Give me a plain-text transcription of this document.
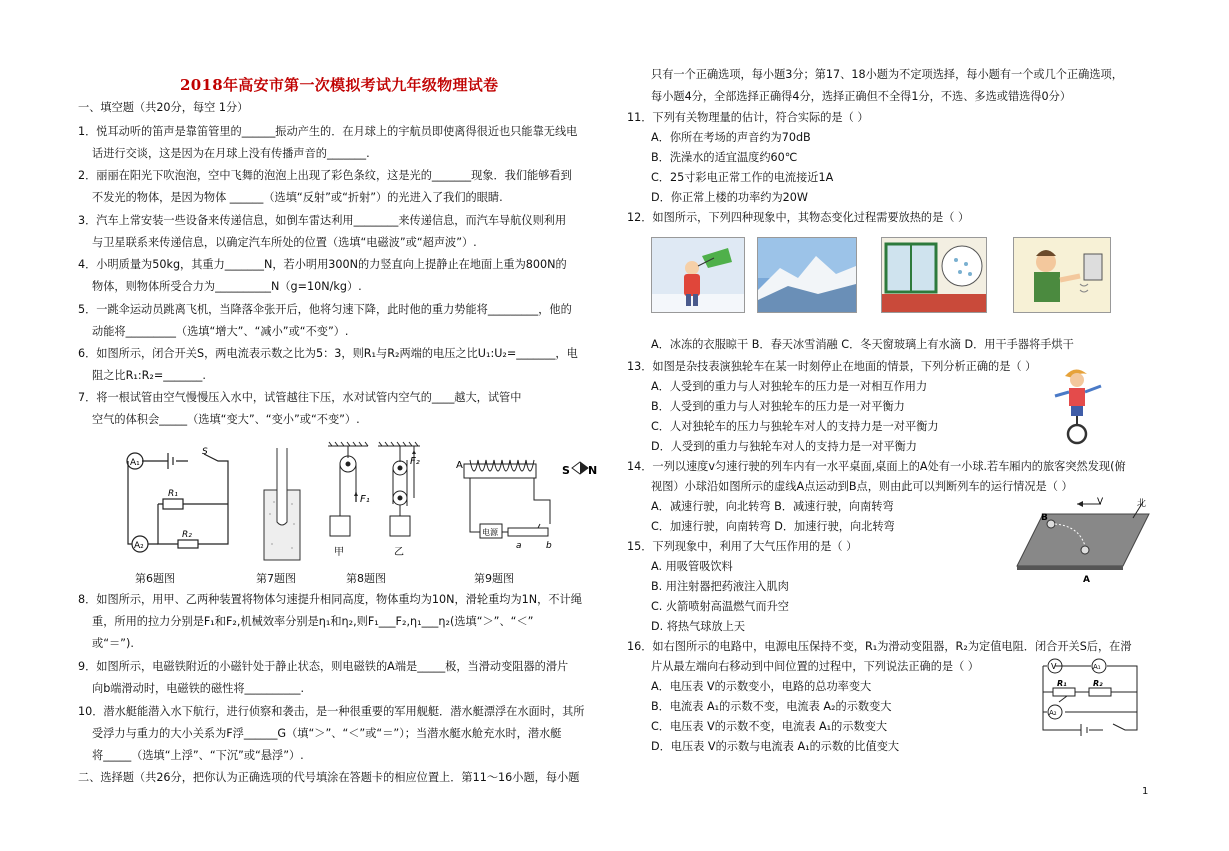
2018年高安市第一次模拟考试九年级物理试卷
一、填空题（共20分，每空 1分）
1．悦耳动听的笛声是靠笛管里的______振动产生的．在月球上的宇航员即使离得很近也只能靠无线电
话进行交谈，这是因为在月球上没有传播声音的_______.
2．丽丽在阳光下吹泡泡，空中飞舞的泡泡上出现了彩色条纹，这是光的_______现象．我们能够看到
不发光的物体，是因为物体 ______（选填“反射”或“折射”）的光进入了我们的眼睛.
3．汽车上常安装一些设备来传递信息，如倒车雷达利用________来传递信息，而汽车导航仪则利用
与卫星联系来传递信息，以确定汽车所处的位置（选填“电磁波”或“超声波”）.
4．小明质量为50kg，其重力_______N，若小明用300N的力竖直向上提静止在地面上重为800N的
物体，则物体所受合力为__________N（g=10N/kg）.
5．一跳伞运动员跳离飞机，当降落伞张开后，他将匀速下降，此时他的重力势能将_________，他的
动能将_________（选填“增大”、“减小”或“不变”）.
6．如图所示，闭合开关S，两电流表示数之比为5：3，则R₁与R₂两端的电压之比U₁:U₂=_______，电
阻之比R₁:R₂=_______.
7．将一根试管由空气慢慢压入水中，试管越往下压，水对试管内空气的____越大，试管中
空气的体积会_____（选填“变大”、“变小”或“不变”）.
A₁
A₂
S
R₁
R₂
第6题图	第7题图
F₁
F₂
甲	乙
第8题图
A	S N
电源
a	b
第9题图
8．如图所示，用甲、乙两种装置将物体匀速提升相同高度，物体重均为10N，滑轮重均为1N，不计绳
重，所用的拉力分别是F₁和F₂,机械效率分别是η₁和η₂,则F₁___F₂,η₁___η₂(选填“＞”、“＜”
或“＝”).
9．如图所示，电磁铁附近的小磁针处于静止状态，则电磁铁的A端是_____极，当滑动变阻器的滑片
向b端滑动时，电磁铁的磁性将__________.
10．潜水艇能潜入水下航行，进行侦察和袭击，是一种很重要的军用舰艇．潜水艇漂浮在水面时，其所
受浮力与重力的大小关系为F浮______G（填“＞”、“＜”或“＝”）；当潜水艇水舱充水时，潜水艇
将_____（选填“上浮”、“下沉”或“悬浮”）.
二、选择题（共26分，把你认为正确选项的代号填涂在答题卡的相应位置上．第11～16小题，每小题
只有一个正确选项，每小题3分；第17、18小题为不定项选择，每小题有一个或几个正确选项，
每小题4分，全部选择正确得4分，选择正确但不全得1分，不选、多选或错选得0分）
11．下列有关物理量的估计，符合实际的是（ ）
A．你所在考场的声音约为70dB
B．洗澡水的适宜温度约60℃
C．25寸彩电正常工作的电流接近1A
D．你正常上楼的功率约为20W
12．如图所示，下列四种现象中，其物态变化过程需要放热的是（ ）
A．冰冻的衣服晾干 B．春天冰雪消融 C．冬天窗玻璃上有水滴 D．用干手器将手烘干
13．如图是杂技表演独轮车在某一时刻停止在地面的情景，下列分析正确的是（ ）
A．人受到的重力与人对独轮车的压力是一对相互作用力
B．人受到的重力与人对独轮车的压力是一对平衡力
C．人对独轮车的压力与独轮车对人的支持力是一对平衡力
D．人受到的重力与独轮车对人的支持力是一对平衡力
14．一列以速度v匀速行驶的列车内有一水平桌面,桌面上的A处有一小球.若车厢内的旅客突然发现(俯
视图）小球沿如图所示的虚线A点运动到B点，则由此可以判断列车的运行情况是（ ）
A．减速行驶，向北转弯 B．减速行驶，向南转弯
C．加速行驶，向南转弯 D．加速行驶，向北转弯
V	北
B
A
15．下列现象中，利用了大气压作用的是（ ）
A. 用吸管吸饮料
B. 用注射器把药液注入肌肉
C. 火箭喷射高温燃气而升空
D. 将热气球放上天
16．如右图所示的电路中，电源电压保持不变，R₁为滑动变阻器，R₂为定值电阻．闭合开关S后，在滑
片从最左端向右移动到中间位置的过程中，下列说法正确的是（ ）
A．电压表 V的示数变小，电路的总功率变大
B．电流表 A₁的示数不变，电流表 A₂的示数变大
C．电压表 V的示数不变，电流表 A₁的示数变大
D．电压表 V的示数与电流表 A₁的示数的比值变大
V	A₁
A₂
R₁	R₂
1
